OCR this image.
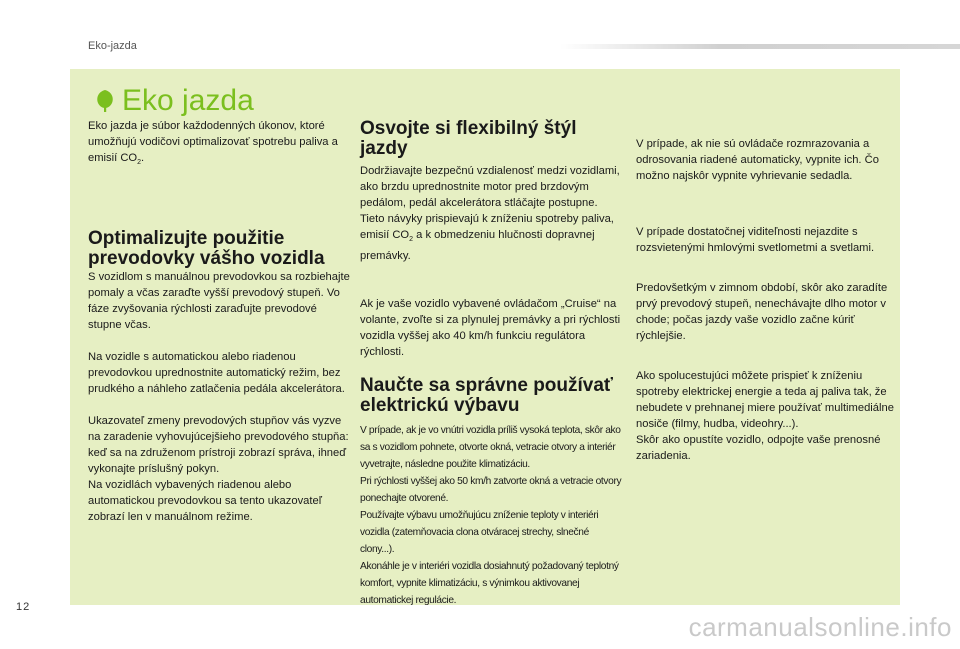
Eko-jazda
Eko jazda

Eko jazda je súbor každodenných úkonov, ktoré umožňujú vodičovi optimalizovať spotrebu paliva a emisií $CO_2$.

Optimalizujte použitie
prevodovky vášho vozidla

S vozidlom s manuálnou prevodovkou sa rozbiehajte pomaly a včas zaraďte vyšší prevodový stupeň. Vo fáze zvyšovania rýchlosti zaraďujte prevodové stupne včas.

Na vozidle s automatickou alebo riadenou prevodovkou uprednostnite automatický režim, bez prudkého a náhleho zatlačenia pedála akcelerátora.

Ukazovateľ zmeny prevodových stupňov vás vyzve na zaradenie vyhovujúcejšieho prevodového stupňa: keď sa na združenom prístroji zobrazí správa, ihneď vykonajte príslušný pokyn.

Na vozidlách vybavených riadenou alebo automatickou prevodovkou sa tento ukazovateľ zobrazí len v manuálnom režime.

Osvojte si flexibilný štýl
jazdy

Dodržiavajte bezpečnú vzdialenosť medzi vozidlami, ako brzdu uprednostnite motor pred brzdovým pedálom, pedál akcelerátora stláčajte postupne. Tieto návyky prispievajú k zníženiu spotreby paliva, emisií $CO_2$ a k obmedzeniu hlučnosti dopravnej premávky.

Ak je vaše vozidlo vybavené ovládačom „Cruise“ na volante, zvoľte si za plynulej premávky a pri rýchlosti vozidla vyššej ako 40 km/h funkciu regulátora rýchlosti.

Naučte sa správne používať
elektrickú výbavu

V prípade, ak je vo vnútri vozidla príliš vysoká teplota, skôr ako sa s vozidlom pohnete, otvorte okná, vetracie otvory a interiér vyvetrajte, následne použite klimatizáciu.

Pri rýchlosti vyššej ako 50 km/h zatvorte okná a vetracie otvory ponechajte otvorené.

Používajte výbavu umožňujúcu zníženie teploty v interiéri vozidla (zatemňovacia clona otváracej strechy, slnečné clony...).

Akonáhle je v interiéri vozidla dosiahnutý požadovaný teplotný komfort, vypnite klimatizáciu, s výnimkou aktivovanej automatickej regulácie.

V prípade, ak nie sú ovládače rozmrazovania a odrosovania riadené automaticky, vypnite ich. Čo možno najskôr vypnite vyhrievanie sedadla.

V prípade dostatočnej viditeľnosti nejazdite s rozsvietenými hmlovými svetlometmi a svetlami.

Predovšetkým v zimnom období, skôr ako zaradíte prvý prevodový stupeň, nenechávajte dlho motor v chode; počas jazdy vaše vozidlo začne kúriť rýchlejšie.

Ako spolucestujúci môžete prispieť k zníženiu spotreby elektrickej energie a teda aj paliva tak, že nebudete v prehnanej miere používať multimediálne nosiče (filmy, hudba, videohry...).

Skôr ako opustíte vozidlo, odpojte vaše prenosné zariadenia.

12
carmanualsonline.info
